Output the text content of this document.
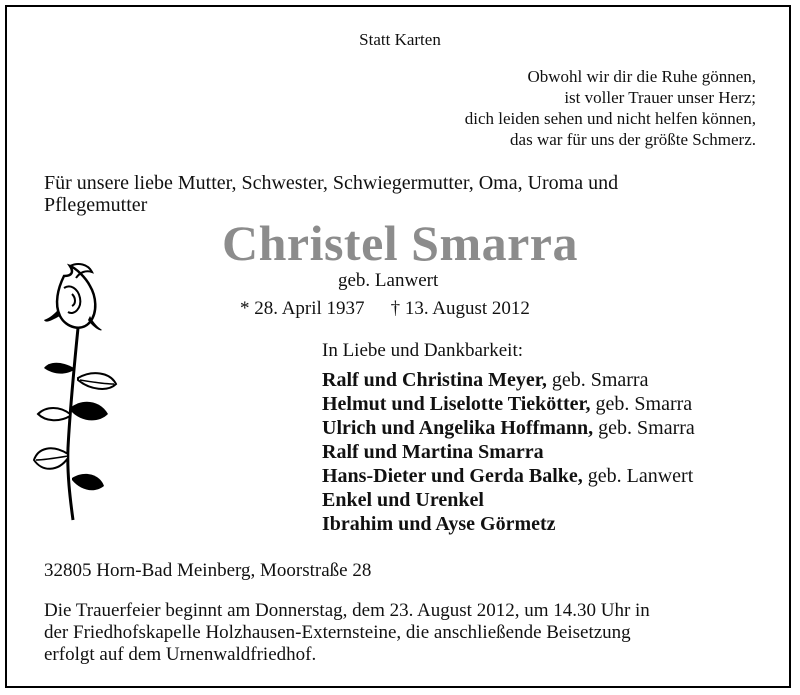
Statt Karten
Obwohl wir dir die Ruhe gönnen,
ist voller Trauer unser Herz;
dich leiden sehen und nicht helfen können,
das war für uns der größte Schmerz.
Für unsere liebe Mutter, Schwester, Schwiegermutter, Oma, Uroma und
Pflegemutter
Christel Smarra
geb. Lanwert
* 28. April 1937 † 13. August 2012
In Liebe und Dankbarkeit:
Ralf und Christina Meyer, geb. Smarra
Helmut und Liselotte Tiekötter, geb. Smarra
Ulrich und Angelika Hoffmann, geb. Smarra
Ralf und Martina Smarra
Hans-Dieter und Gerda Balke, geb. Lanwert
Enkel und Urenkel
Ibrahim und Ayse Görmetz
32805 Horn-Bad Meinberg, Moorstraße 28
Die Trauerfeier beginnt am Donnerstag, dem 23. August 2012, um 14.30 Uhr in
der Friedhofskapelle Holzhausen-Externsteine, die anschließende Beisetzung
erfolgt auf dem Urnenwaldfriedhof.
